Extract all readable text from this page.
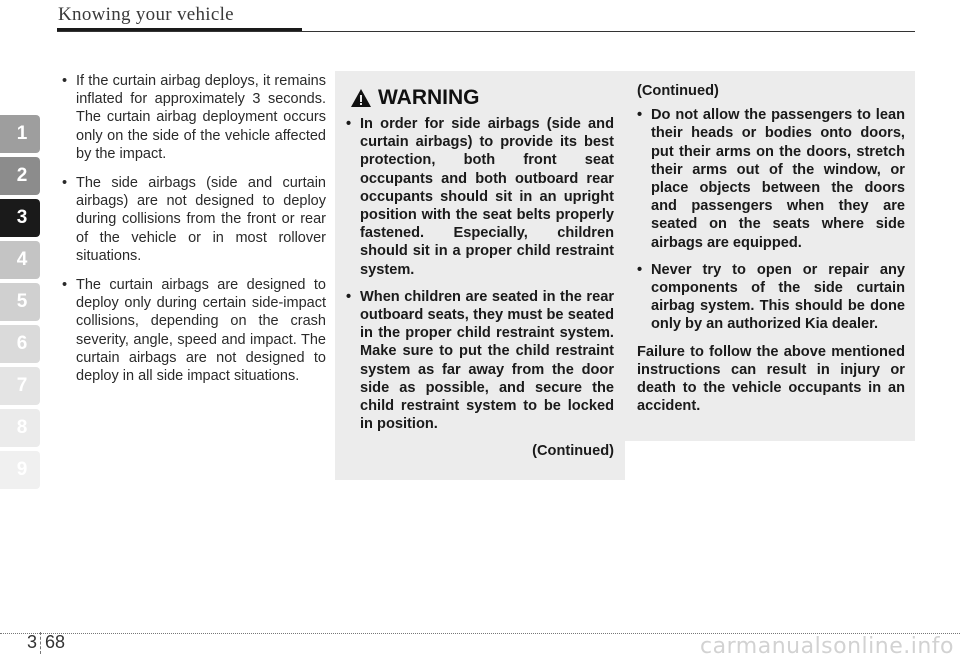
Knowing your vehicle
1
2
3
4
5
6
7
8
9
• If the curtain airbag deploys, it remains inflated for approximately 3 seconds. The curtain airbag deployment occurs only on the side of the vehicle affected by the impact.
• The side airbags (side and curtain airbags) are not designed to deploy during collisions from the front or rear of the vehicle or in most rollover situations.
• The curtain airbags are designed to deploy only during certain side-impact collisions, depending on the crash severity, angle, speed and impact. The curtain airbags are not designed to deploy in all side impact situations.
WARNING
• In order for side airbags (side and curtain airbags) to provide its best protection, both front seat occupants and both outboard rear occupants should sit in an upright position with the seat belts properly fastened. Especially, children should sit in a proper child restraint system.
• When children are seated in the rear outboard seats, they must be seated in the proper child restraint system. Make sure to put the child restraint system as far away from the door side as possible, and secure the child restraint system to be locked in position.
(Continued)
(Continued)
• Do not allow the passengers to lean their heads or bodies onto doors, put their arms on the doors, stretch their arms out of the window, or place objects between the doors and passengers when they are seated on the seats where side airbags are equipped.
• Never try to open or repair any components of the side curtain airbag system. This should be done only by an authorized Kia dealer.
Failure to follow the above mentioned instructions can result in injury or death to the vehicle occupants in an accident.
3 68	carmanualsonline.info
